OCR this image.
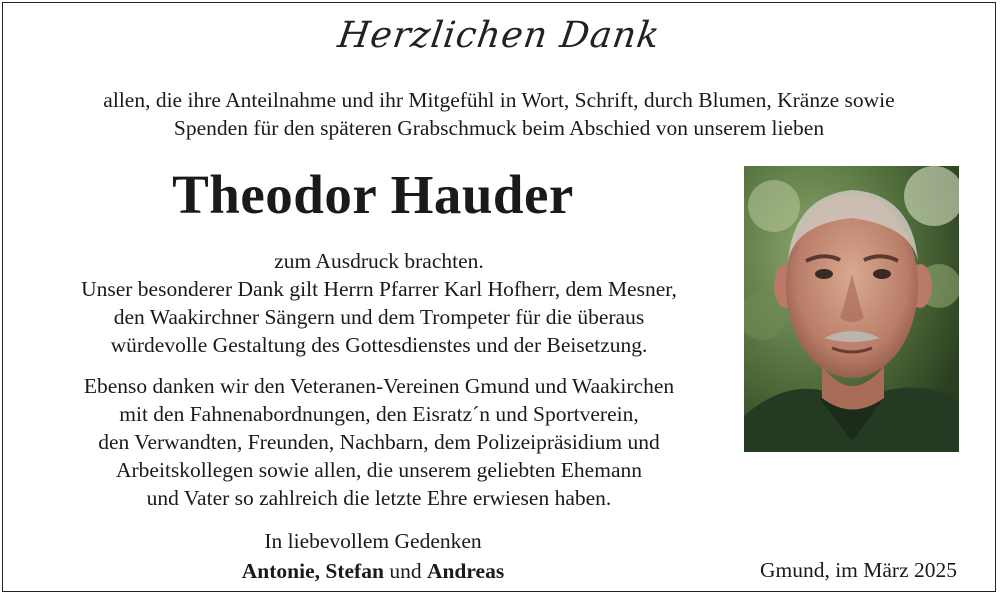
Herzlichen Dank
allen, die ihre Anteilnahme und ihr Mitgefühl in Wort, Schrift, durch Blumen, Kränze sowie
Spenden für den späteren Grabschmuck beim Abschied von unserem lieben
Theodor Hauder
zum Ausdruck brachten.
Unser besonderer Dank gilt Herrn Pfarrer Karl Hofherr, dem Mesner,
den Waakirchner Sängern und dem Trompeter für die überaus
würdevolle Gestaltung des Gottesdienstes und der Beisetzung.
Ebenso danken wir den Veteranen-Vereinen Gmund und Waakirchen
mit den Fahnenabordnungen, den Eisratz´n und Sportverein,
den Verwandten, Freunden, Nachbarn, dem Polizeipräsidium und
Arbeitskollegen sowie allen, die unserem geliebten Ehemann
und Vater so zahlreich die letzte Ehre erwiesen haben.
In liebevollem Gedenken
Antonie, Stefan und Andreas	Gmund, im März 2025
